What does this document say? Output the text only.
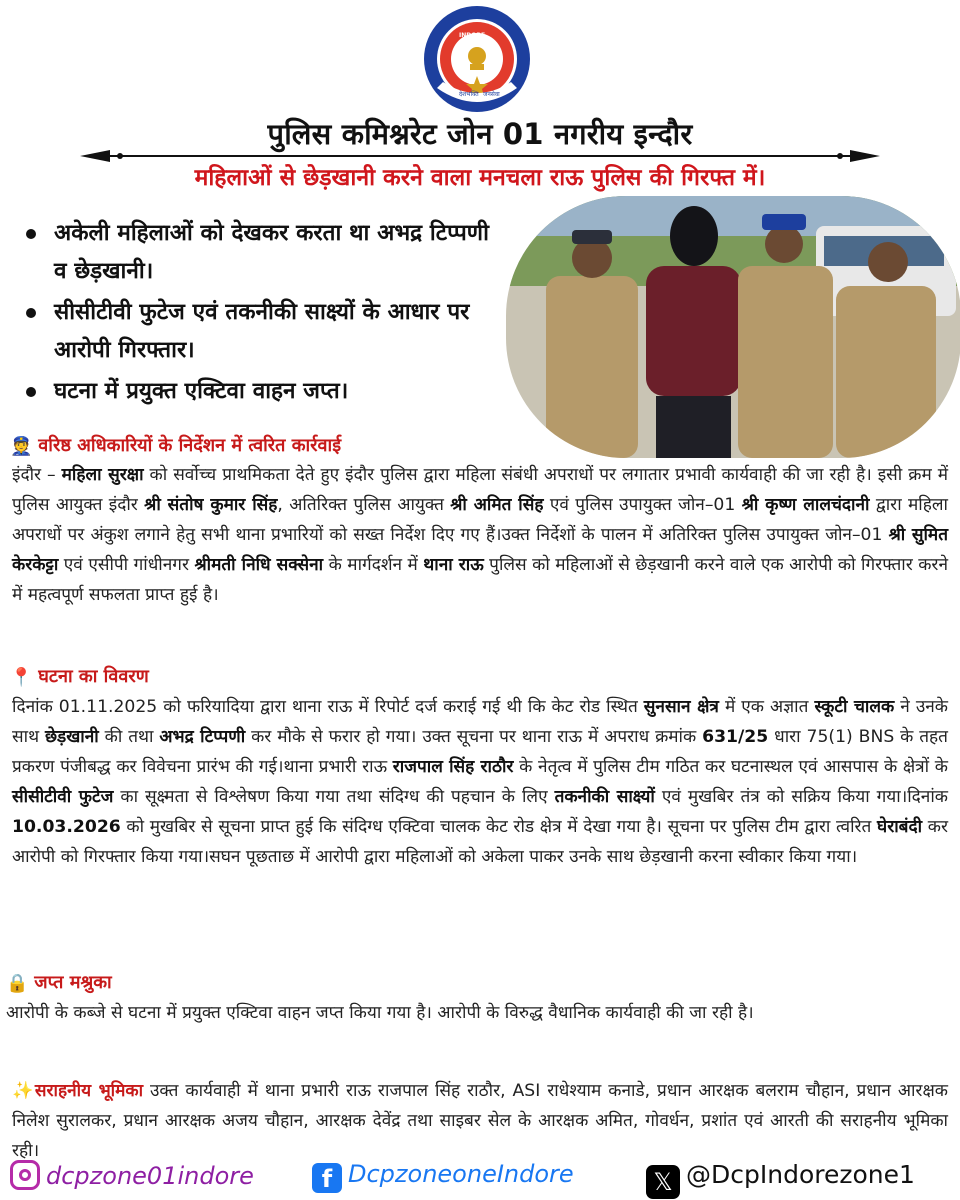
देशभक्ति जनसेवा
INDORE
पुलिस कमिश्नरेट जोन 01 नगरीय इन्दौर
महिलाओं से छेड़खानी करने वाला मनचला राऊ पुलिस की गिरफ्त में।
अकेली महिलाओं को देखकर करता था अभद्र टिप्पणी व छेड़खानी।
सीसीटीवी फुटेज एवं तकनीकी साक्ष्यों के आधार पर आरोपी गिरफ्तार।
घटना में प्रयुक्त एक्टिवा वाहन जप्त।
👮 वरिष्ठ अधिकारियों के निर्देशन में त्वरित कार्रवाई

इंदौर – महिला सुरक्षा को सर्वोच्च प्राथमिकता देते हुए इंदौर पुलिस द्वारा महिला संबंधी अपराधों पर लगातार प्रभावी कार्यवाही की जा रही है। इसी क्रम में पुलिस आयुक्त इंदौर श्री संतोष कुमार सिंह, अतिरिक्त पुलिस आयुक्त श्री अमित सिंह एवं पुलिस उपायुक्त जोन–01 श्री कृष्ण लालचंदानी द्वारा महिला अपराधों पर अंकुश लगाने हेतु सभी थाना प्रभारियों को सख्त निर्देश दिए गए हैं।उक्त निर्देशों के पालन में अतिरिक्त पुलिस उपायुक्त जोन–01 श्री सुमित केरकेट्टा एवं एसीपी गांधीनगर श्रीमती निधि सक्सेना के मार्गदर्शन में थाना राऊ पुलिस को महिलाओं से छेड़खानी करने वाले एक आरोपी को गिरफ्तार करने में महत्वपूर्ण सफलता प्राप्त हुई है।

📍 घटना का विवरण

दिनांक 01.11.2025 को फरियादिया द्वारा थाना राऊ में रिपोर्ट दर्ज कराई गई थी कि केट रोड स्थित सुनसान क्षेत्र में एक अज्ञात स्कूटी चालक ने उनके साथ छेड़खानी की तथा अभद्र टिप्पणी कर मौके से फरार हो गया। उक्त सूचना पर थाना राऊ में अपराध क्रमांक 631/25 धारा 75(1) BNS के तहत प्रकरण पंजीबद्ध कर विवेचना प्रारंभ की गई।थाना प्रभारी राऊ राजपाल सिंह राठौर के नेतृत्व में पुलिस टीम गठित कर घटनास्थल एवं आसपास के क्षेत्रों के सीसीटीवी फुटेज का सूक्ष्मता से विश्लेषण किया गया तथा संदिग्ध की पहचान के लिए तकनीकी साक्ष्यों एवं मुखबिर तंत्र को सक्रिय किया गया।दिनांक 10.03.2026 को मुखबिर से सूचना प्राप्त हुई कि संदिग्ध एक्टिवा चालक केट रोड क्षेत्र में देखा गया है। सूचना पर पुलिस टीम द्वारा त्वरित घेराबंदी कर आरोपी को गिरफ्तार किया गया।सघन पूछताछ में आरोपी द्वारा महिलाओं को अकेला पाकर उनके साथ छेड़खानी करना स्वीकार किया गया।

🔒 जप्त मश्रुका

आरोपी के कब्जे से घटना में प्रयुक्त एक्टिवा वाहन जप्त किया गया है। आरोपी के विरुद्ध वैधानिक कार्यवाही की जा रही है।

✨सराहनीय भूमिका उक्त कार्यवाही में थाना प्रभारी राऊ राजपाल सिंह राठौर, ASI राधेश्याम कनाडे, प्रधान आरक्षक बलराम चौहान, प्रधान आरक्षक निलेश सुरालकर, प्रधान आरक्षक अजय चौहान, आरक्षक देवेंद्र तथा साइबर सेल के आरक्षक अमित, गोवर्धन, प्रशांत एवं आरती की सराहनीय भूमिका रही।

dcpzone01indore	f DcpzoneoneIndore	𝕏 @DcpIndorezone1
